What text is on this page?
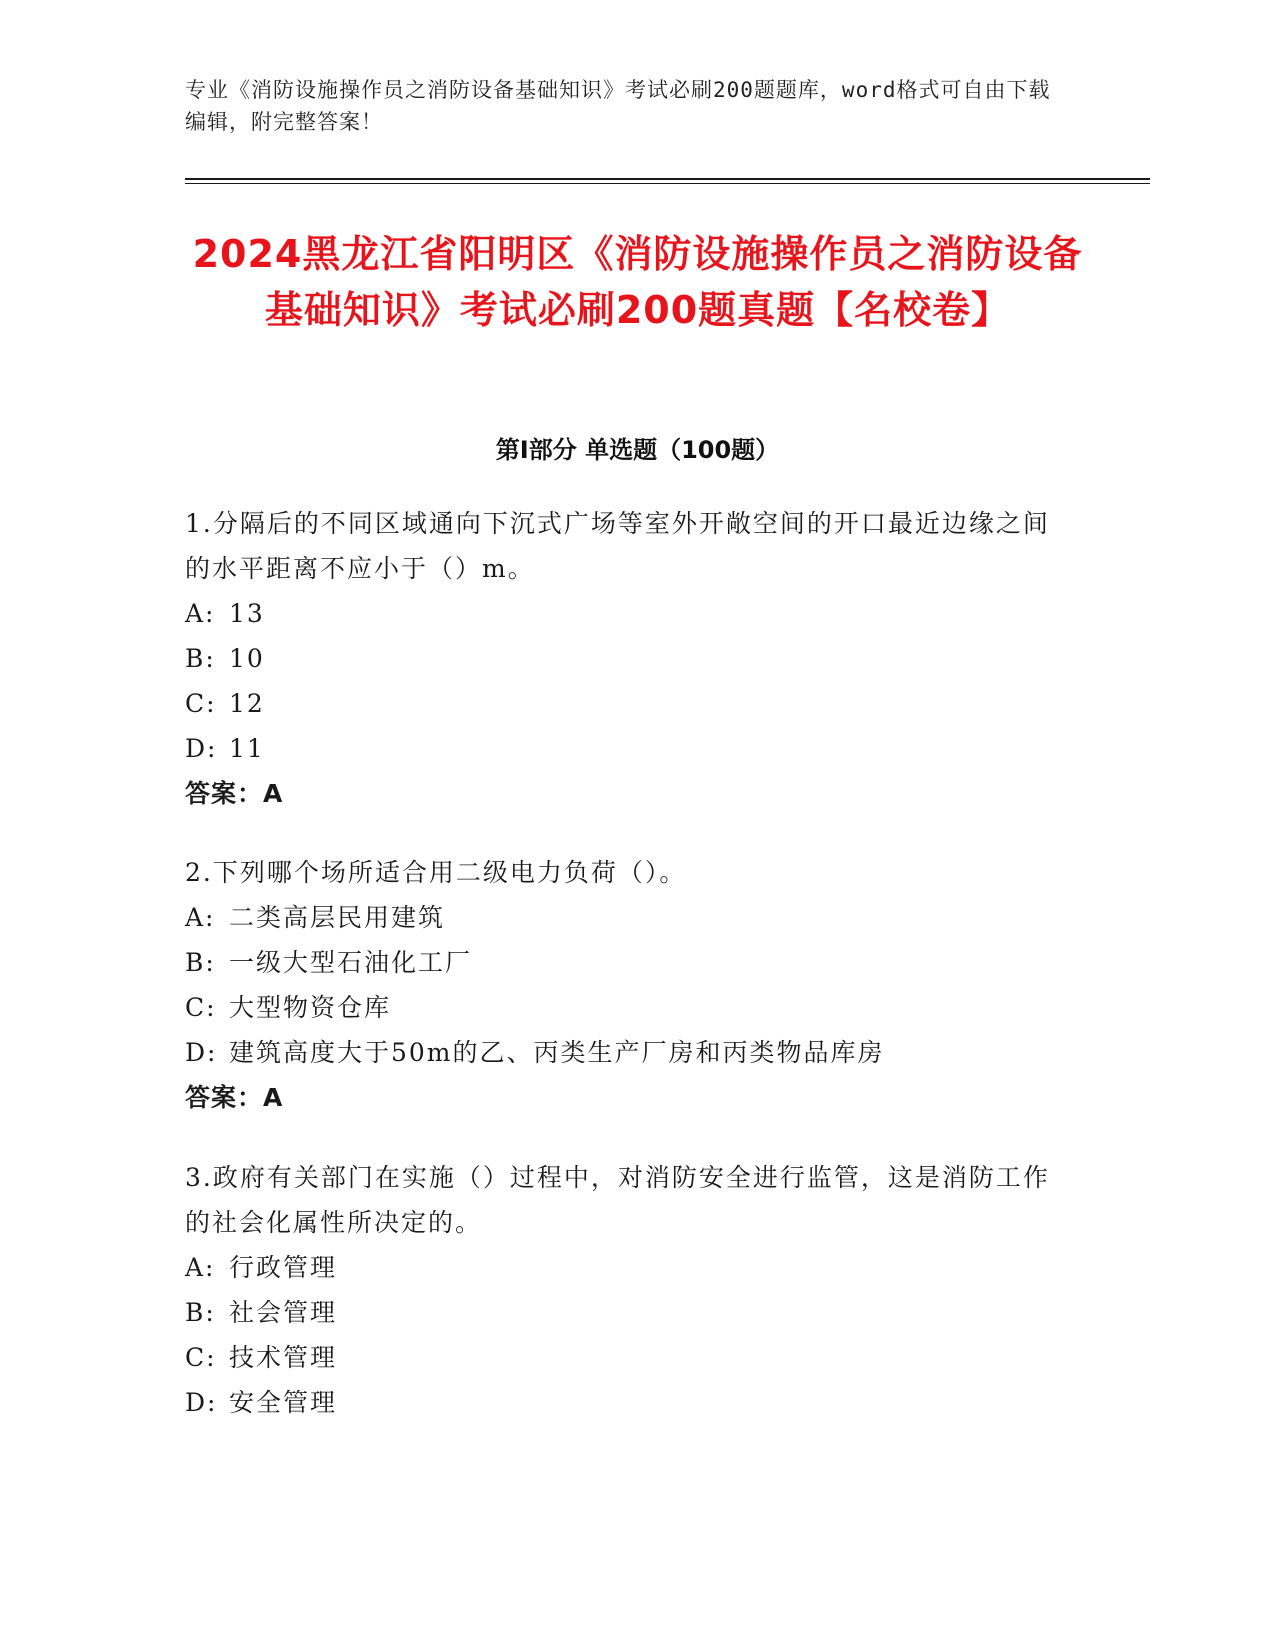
专业《消防设施操作员之消防设备基础知识》考试必刷200题题库，word格式可自由下载编辑，附完整答案！
2024黑龙江省阳明区《消防设施操作员之消防设备基础知识》考试必刷200题真题【名校卷】
第I部分 单选题（100题）
1.分隔后的不同区域通向下沉式广场等室外开敞空间的开口最近边缘之间的水平距离不应小于（）m。
A: 13
B: 10
C: 12
D: 11
答案：A
2.下列哪个场所适合用二级电力负荷（）。
A: 二类高层民用建筑
B: 一级大型石油化工厂
C: 大型物资仓库
D: 建筑高度大于50m的乙、丙类生产厂房和丙类物品库房
答案：A
3.政府有关部门在实施（）过程中，对消防安全进行监管，这是消防工作的社会化属性所决定的。
A: 行政管理
B: 社会管理
C: 技术管理
D: 安全管理
